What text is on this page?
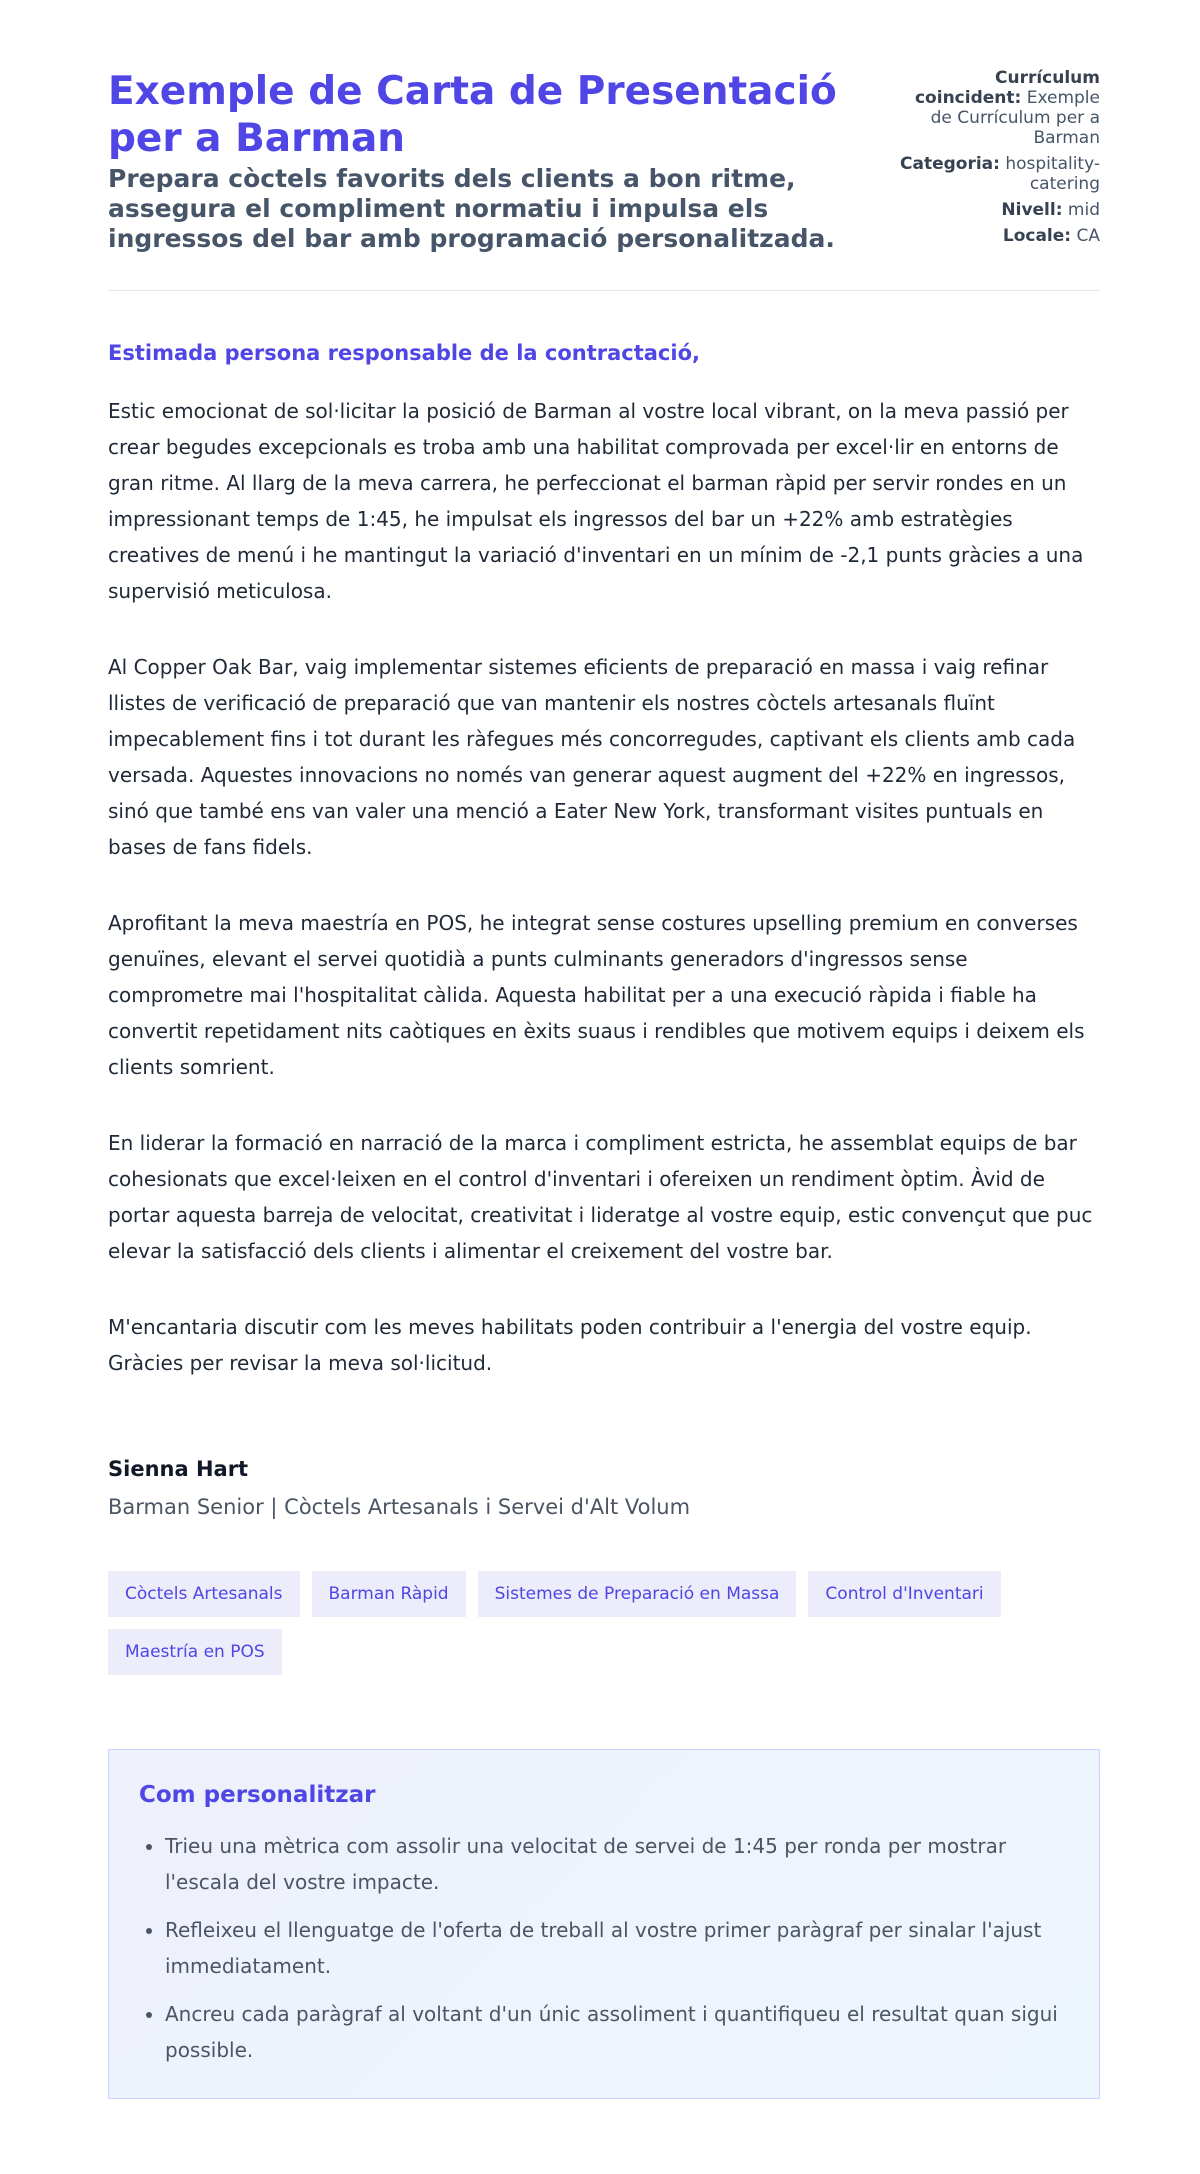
Exemple de Carta de Presentació per a Barman
Prepara còctels favorits dels clients a bon ritme, assegura el compliment normatiu i impulsa els ingressos del bar amb programació personalitzada.
Currículum coincident: Exemple de Currículum per a Barman
Categoria: hospitality-catering
Nivell: mid
Locale: CA
Estimada persona responsable de la contractació,

Estic emocionat de sol·licitar la posició de Barman al vostre local vibrant, on la meva passió per crear begudes excepcionals es troba amb una habilitat comprovada per excel·lir en entorns de gran ritme. Al llarg de la meva carrera, he perfeccionat el barman ràpid per servir rondes en un impressionant temps de 1:45, he impulsat els ingressos del bar un +22% amb estratègies creatives de menú i he mantingut la variació d'inventari en un mínim de -2,1 punts gràcies a una supervisió meticulosa.

Al Copper Oak Bar, vaig implementar sistemes eficients de preparació en massa i vaig refinar llistes de verificació de preparació que van mantenir els nostres còctels artesanals fluïnt impecablement fins i tot durant les ràfegues més concorregudes, captivant els clients amb cada versada. Aquestes innovacions no només van generar aquest augment del +22% en ingressos, sinó que també ens van valer una menció a Eater New York, transformant visites puntuals en bases de fans fidels.

Aprofitant la meva maestría en POS, he integrat sense costures upselling premium en converses genuïnes, elevant el servei quotidià a punts culminants generadors d'ingressos sense comprometre mai l'hospitalitat càlida. Aquesta habilitat per a una execució ràpida i fiable ha convertit repetidament nits caòtiques en èxits suaus i rendibles que motivem equips i deixem els clients somrient.

En liderar la formació en narració de la marca i compliment estricta, he assemblat equips de bar cohesionats que excel·leixen en el control d'inventari i ofereixen un rendiment òptim. Àvid de portar aquesta barreja de velocitat, creativitat i lideratge al vostre equip, estic convençut que puc elevar la satisfacció dels clients i alimentar el creixement del vostre bar.

M'encantaria discutir com les meves habilitats poden contribuir a l'energia del vostre equip. Gràcies per revisar la meva sol·licitud.

Sienna Hart
Barman Senior | Còctels Artesanals i Servei d'Alt Volum
Còctels Artesanals	Barman Ràpid	Sistemes de Preparació en Massa	Control d'Inventari
Maestría en POS
Com personalitzar
• Trieu una mètrica com assolir una velocitat de servei de 1:45 per ronda per mostrar l'escala del vostre impacte.
• Refleixeu el llenguatge de l'oferta de treball al vostre primer paràgraf per sinalar l'ajust immediatament.
• Ancreu cada paràgraf al voltant d'un únic assoliment i quantifiqueu el resultat quan sigui possible.
